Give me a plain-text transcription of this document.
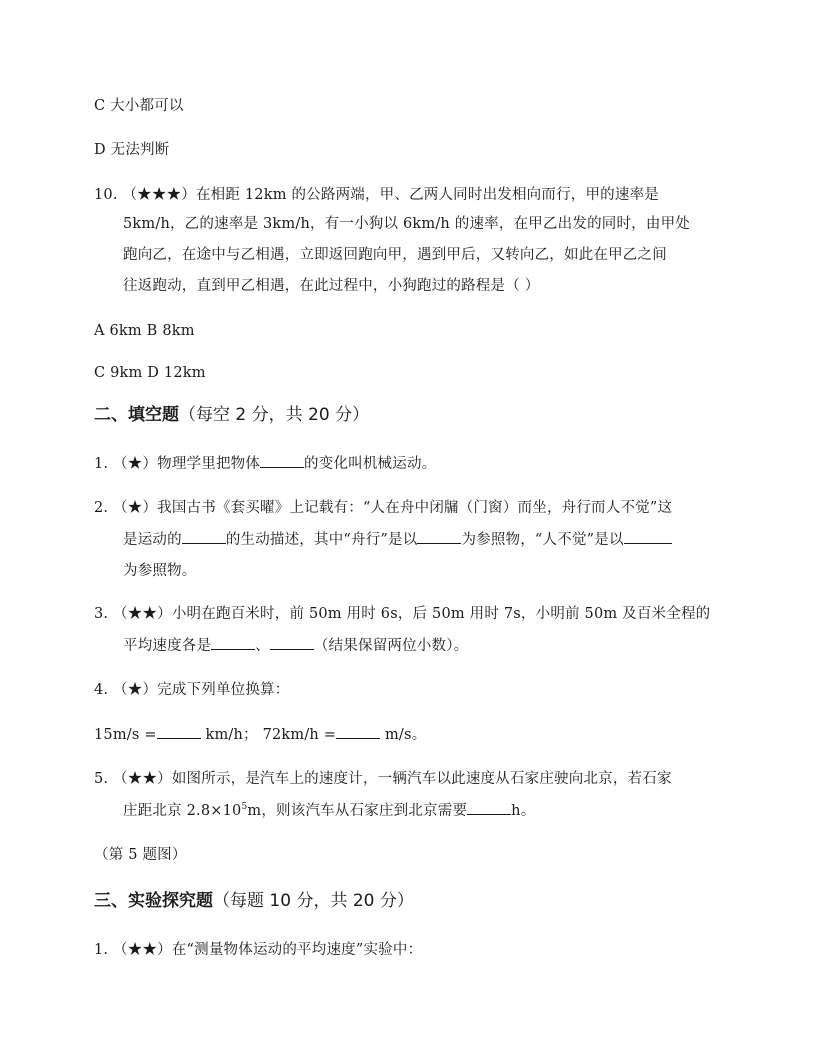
C 大小都可以
D 无法判断
10. （★★★）在相距 12km 的公路两端，甲、乙两人同时出发相向而行，甲的速率是
5km/h，乙的速率是 3km/h，有一小狗以 6km/h 的速率，在甲乙出发的同时，由甲处
跑向乙，在途中与乙相遇，立即返回跑向甲，遇到甲后，又转向乙，如此在甲乙之间
往返跑动，直到甲乙相遇，在此过程中，小狗跑过的路程是（ ）
A 6km B 8km
C 9km D 12km
二、填空题（每空 2 分，共 20 分）
1. （★）物理学里把物体	的变化叫机械运动。
2. （★）我国古书《套买曜》上记载有：“人在舟中闭牖（门窗）而坐，舟行而人不觉”这
是运动的	的生动描述，其中“舟行”是以	为参照物，“人不觉”是以
为参照物。
3. （★★）小明在跑百米时，前 50m 用时 6s，后 50m 用时 7s，小明前 50m 及百米全程的
平均速度各是	、	（结果保留两位小数）。
4. （★）完成下列单位换算：
15m/s =	km/h； 72km/h =	m/s。
5. （★★）如图所示，是汽车上的速度计，一辆汽车以此速度从石家庄驶向北京，若石家
庄距北京 $2.8\times 10^5m$，则该汽车从石家庄到北京需要	h。
（第 5 题图）
三、实验探究题（每题 10 分，共 20 分）
1. （★★）在“测量物体运动的平均速度”实验中：
